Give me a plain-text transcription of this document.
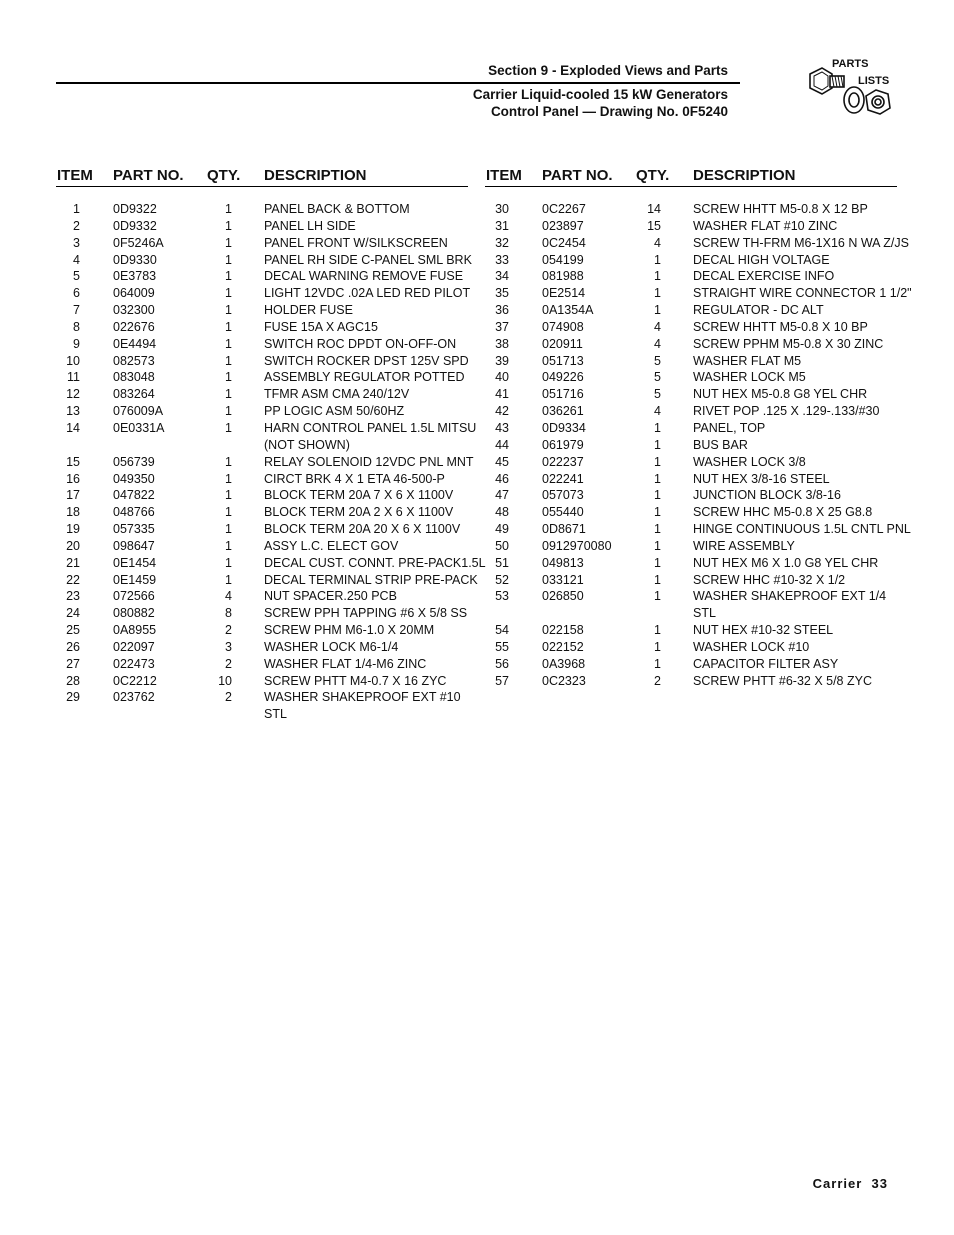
Section 9 - Exploded Views and Parts
Carrier Liquid-cooled 15 kW Generators
Control Panel — Drawing No. 0F5240
PARTS
LISTS
ITEM PART NO. QTY. DESCRIPTION
1	0D9322	1	PANEL BACK & BOTTOM
2	0D9332	1	PANEL LH SIDE
3	0F5246A	1	PANEL FRONT W/SILKSCREEN
4	0D9330	1	PANEL RH SIDE C-PANEL SML BRK
5	0E3783	1	DECAL WARNING REMOVE FUSE
6	064009	1	LIGHT 12VDC .02A LED RED PILOT
7	032300	1	HOLDER FUSE
8	022676	1	FUSE 15A X AGC15
9	0E4494	1	SWITCH ROC DPDT ON-OFF-ON
10	082573	1	SWITCH ROCKER DPST 125V SPD
11	083048	1	ASSEMBLY REGULATOR POTTED
12	083264	1	TFMR ASM CMA 240/12V
13	076009A	1	PP LOGIC ASM 50/60HZ
14	0E0331A	1	HARN CONTROL PANEL 1.5L MITSU
(NOT SHOWN)
15	056739	1	RELAY SOLENOID 12VDC PNL MNT
16	049350	1	CIRCT BRK 4 X 1 ETA 46-500-P
17	047822	1	BLOCK TERM 20A 7 X 6 X 1100V
18	048766	1	BLOCK TERM 20A 2 X 6 X 1100V
19	057335	1	BLOCK TERM 20A 20 X 6 X 1100V
20	098647	1	ASSY L.C. ELECT GOV
21	0E1454	1	DECAL CUST. CONNT. PRE-PACK1.5L
22	0E1459	1	DECAL TERMINAL STRIP PRE-PACK
23	072566	4	NUT SPACER.250 PCB
24	080882	8	SCREW PPH TAPPING #6 X 5/8 SS
25	0A8955	2	SCREW PHM M6-1.0 X 20MM
26	022097	3	WASHER LOCK M6-1/4
27	022473	2	WASHER FLAT 1/4-M6 ZINC
28	0C2212	10	SCREW PHTT M4-0.7 X 16 ZYC
29	023762	2	WASHER SHAKEPROOF EXT #10
STL
ITEM PART NO. QTY. DESCRIPTION
30	0C2267	14	SCREW HHTT M5-0.8 X 12 BP
31	023897	15	WASHER FLAT #10 ZINC
32	0C2454	4	SCREW TH-FRM M6-1X16 N WA Z/JS
33	054199	1	DECAL HIGH VOLTAGE
34	081988	1	DECAL EXERCISE INFO
35	0E2514	1	STRAIGHT WIRE CONNECTOR 1 1/2"
36	0A1354A	1	REGULATOR - DC ALT
37	074908	4	SCREW HHTT M5-0.8 X 10 BP
38	020911	4	SCREW PPHM M5-0.8 X 30 ZINC
39	051713	5	WASHER FLAT M5
40	049226	5	WASHER LOCK M5
41	051716	5	NUT HEX M5-0.8 G8 YEL CHR
42	036261	4	RIVET POP .125 X .129-.133/#30
43	0D9334	1	PANEL, TOP
44	061979	1	BUS BAR
45	022237	1	WASHER LOCK 3/8
46	022241	1	NUT HEX 3/8-16 STEEL
47	057073	1	JUNCTION BLOCK 3/8-16
48	055440	1	SCREW HHC M5-0.8 X 25 G8.8
49	0D8671	1	HINGE CONTINUOUS 1.5L CNTL PNL
50	0912970080	1	WIRE ASSEMBLY
51	049813	1	NUT HEX M6 X 1.0 G8 YEL CHR
52	033121	1	SCREW HHC #10-32 X 1/2
53	026850	1	WASHER SHAKEPROOF EXT 1/4
STL
54	022158	1	NUT HEX #10-32 STEEL
55	022152	1	WASHER LOCK #10
56	0A3968	1	CAPACITOR FILTER ASY
57	0C2323	2	SCREW PHTT #6-32 X 5/8 ZYC
Carrier 33
